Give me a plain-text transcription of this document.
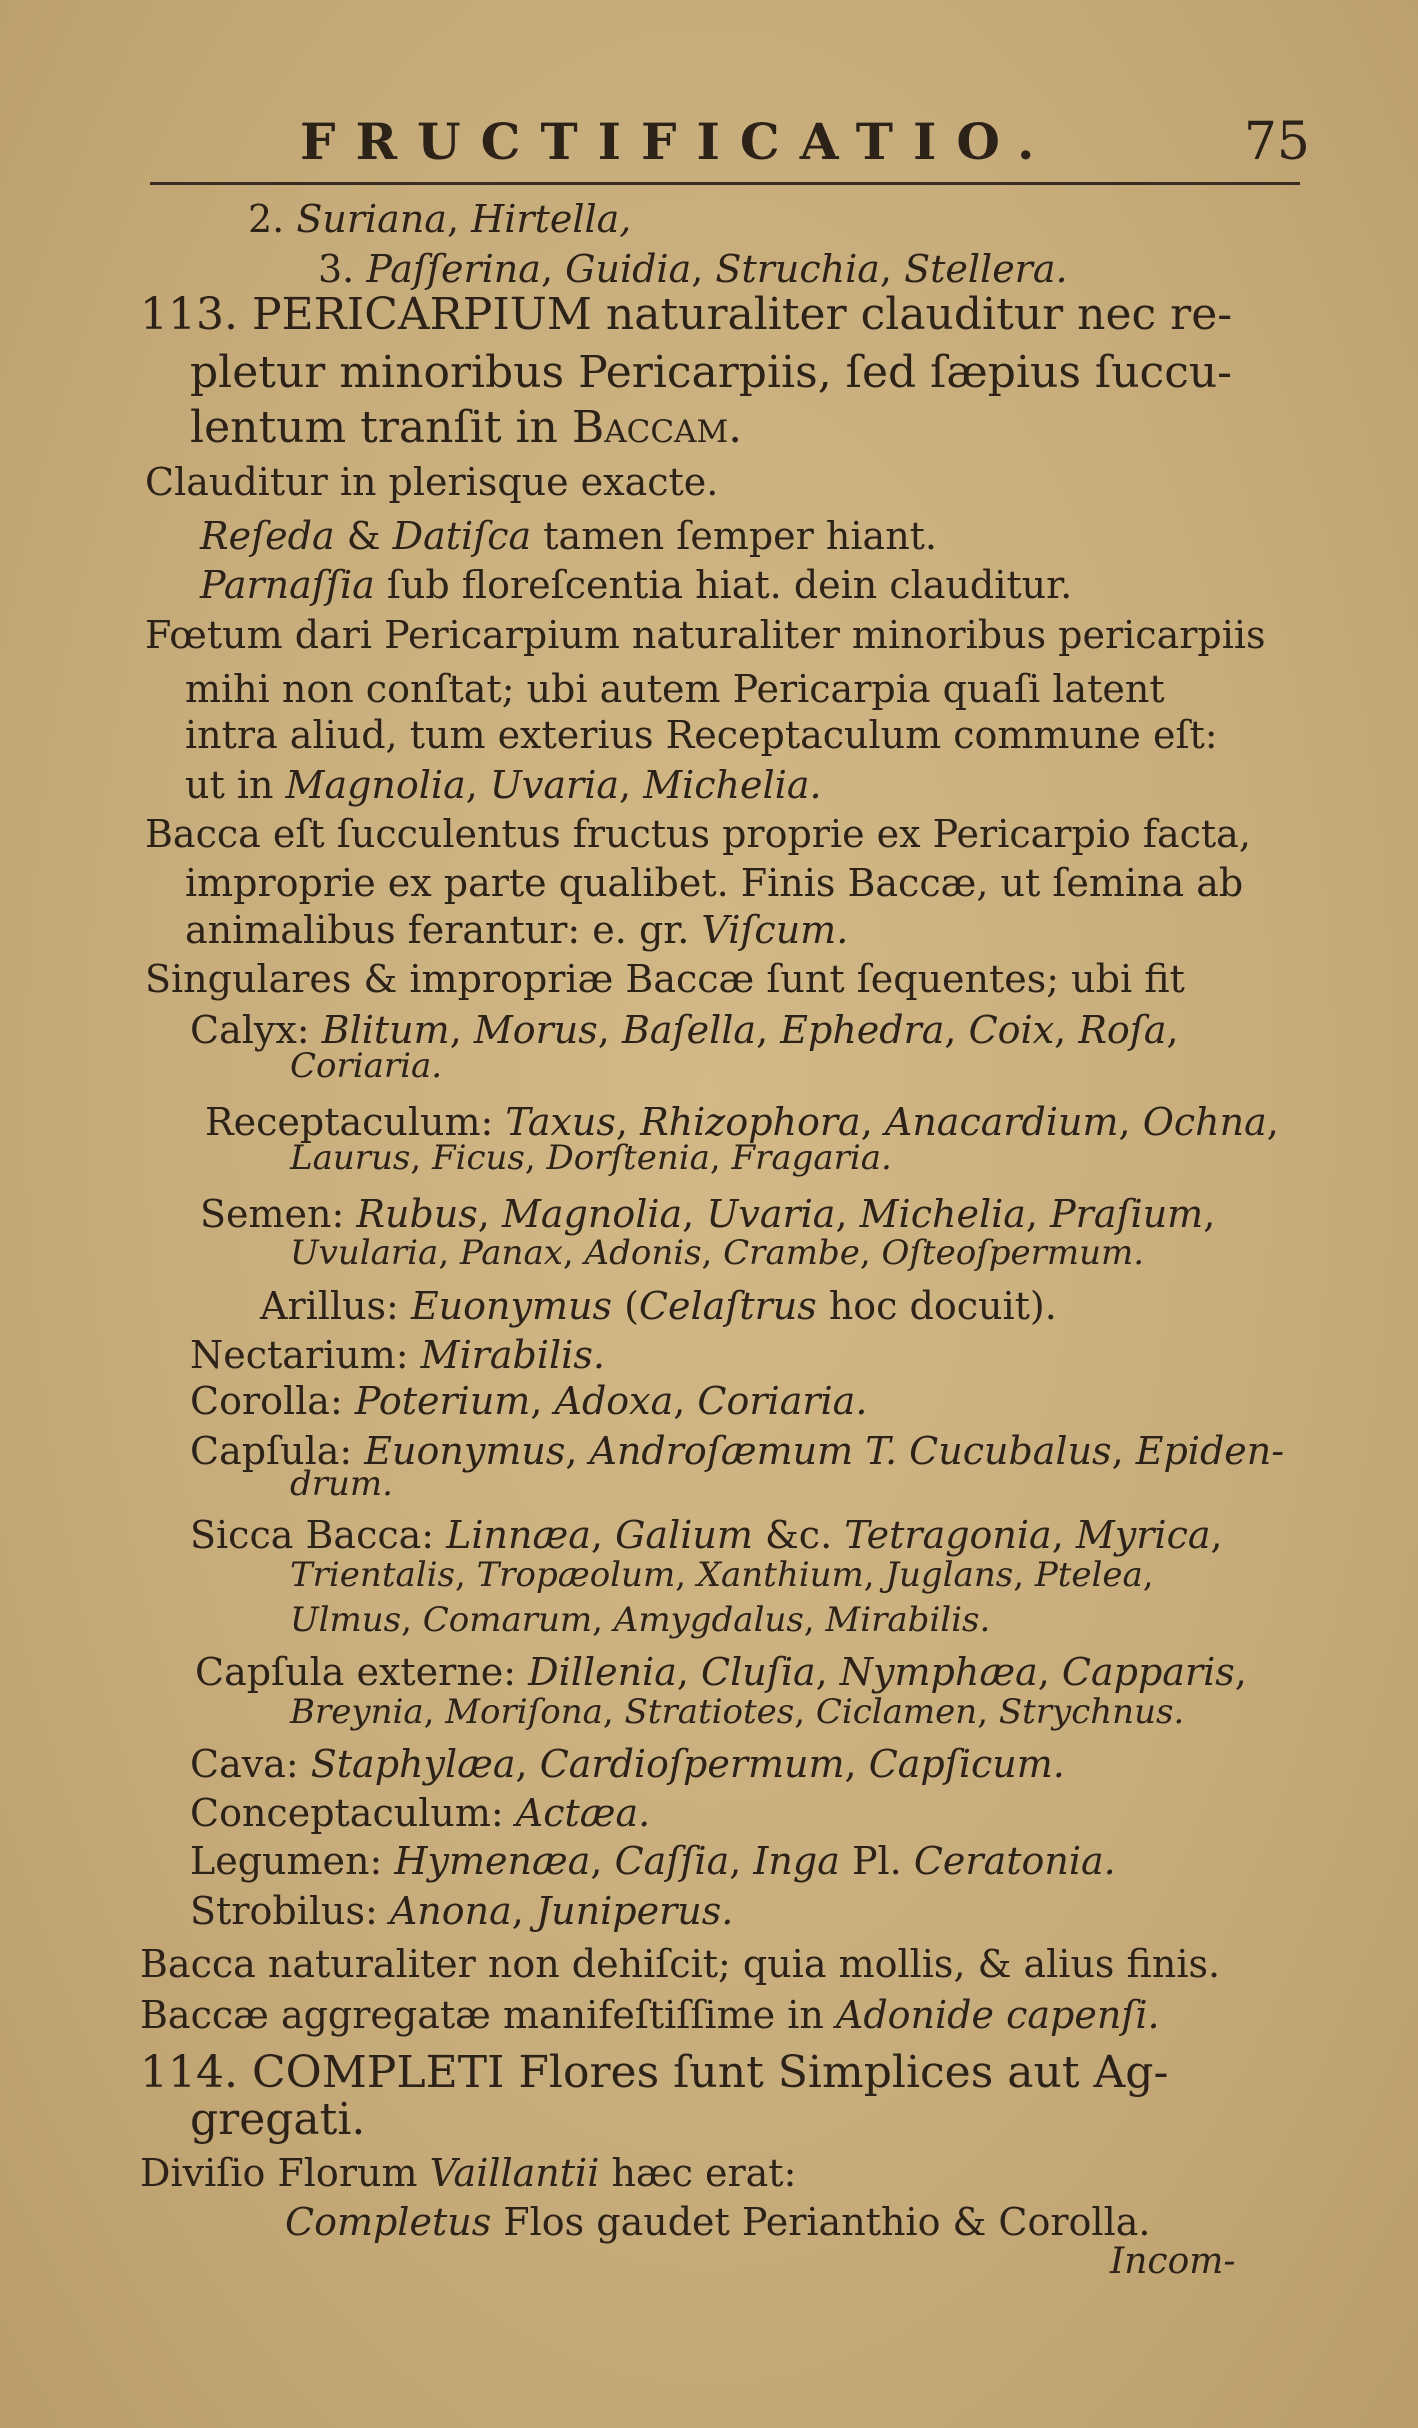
FRUCTIFICATIO.	75
2. Suriana, Hirtella,
3. Paſſerina, Guidia, Struchia, Stellera.
113. PERICARPIUM naturaliter clauditur nec re-
pletur minoribus Pericarpiis, ſed ſæpius ſuccu-
lentum tranſit in Baccam.
Clauditur in plerisque exacte.
Reſeda & Datiſca tamen ſemper hiant.
Parnaſſia ſub floreſcentia hiat. dein clauditur.
Fœtum dari Pericarpium naturaliter minoribus pericarpiis
mihi non conſtat; ubi autem Pericarpia quaſi latent
intra aliud, tum exterius Receptaculum commune eſt:
ut in Magnolia, Uvaria, Michelia.
Bacca eſt ſucculentus fructus proprie ex Pericarpio facta,
improprie ex parte qualibet. Finis Baccæ, ut ſemina ab
animalibus ferantur: e. gr. Viſcum.
Singulares & impropriæ Baccæ ſunt ſequentes; ubi fit
Calyx: Blitum, Morus, Baſella, Ephedra, Coix, Roſa,
Coriaria.
Receptaculum: Taxus, Rhizophora, Anacardium, Ochna,
Laurus, Ficus, Dorſtenia, Fragaria.
Semen: Rubus, Magnolia, Uvaria, Michelia, Praſium,
Uvularia, Panax, Adonis, Crambe, Oſteoſpermum.
Arillus: Euonymus (Celaſtrus hoc docuit).
Nectarium: Mirabilis.
Corolla: Poterium, Adoxa, Coriaria.
Capſula: Euonymus, Androſæmum T. Cucubalus, Epiden-
drum.
Sicca Bacca: Linnæa, Galium &c. Tetragonia, Myrica,
Trientalis, Tropæolum, Xanthium, Juglans, Ptelea,
Ulmus, Comarum, Amygdalus, Mirabilis.
Capſula externe: Dillenia, Cluſia, Nymphæa, Capparis,
Breynia, Moriſona, Stratiotes, Ciclamen, Strychnus.
Cava: Staphylæa, Cardioſpermum, Capſicum.
Conceptaculum: Actæa.
Legumen: Hymenæa, Caſſia, Inga Pl. Ceratonia.
Strobilus: Anona, Juniperus.
Bacca naturaliter non dehiſcit; quia mollis, & alius finis.
Baccæ aggregatæ manifeſtiſſime in Adonide capenſi.
114. COMPLETI Flores ſunt Simplices aut Ag-
gregati.
Diviſio Florum Vaillantii hæc erat:
Completus Flos gaudet Perianthio & Corolla.
Incom-
